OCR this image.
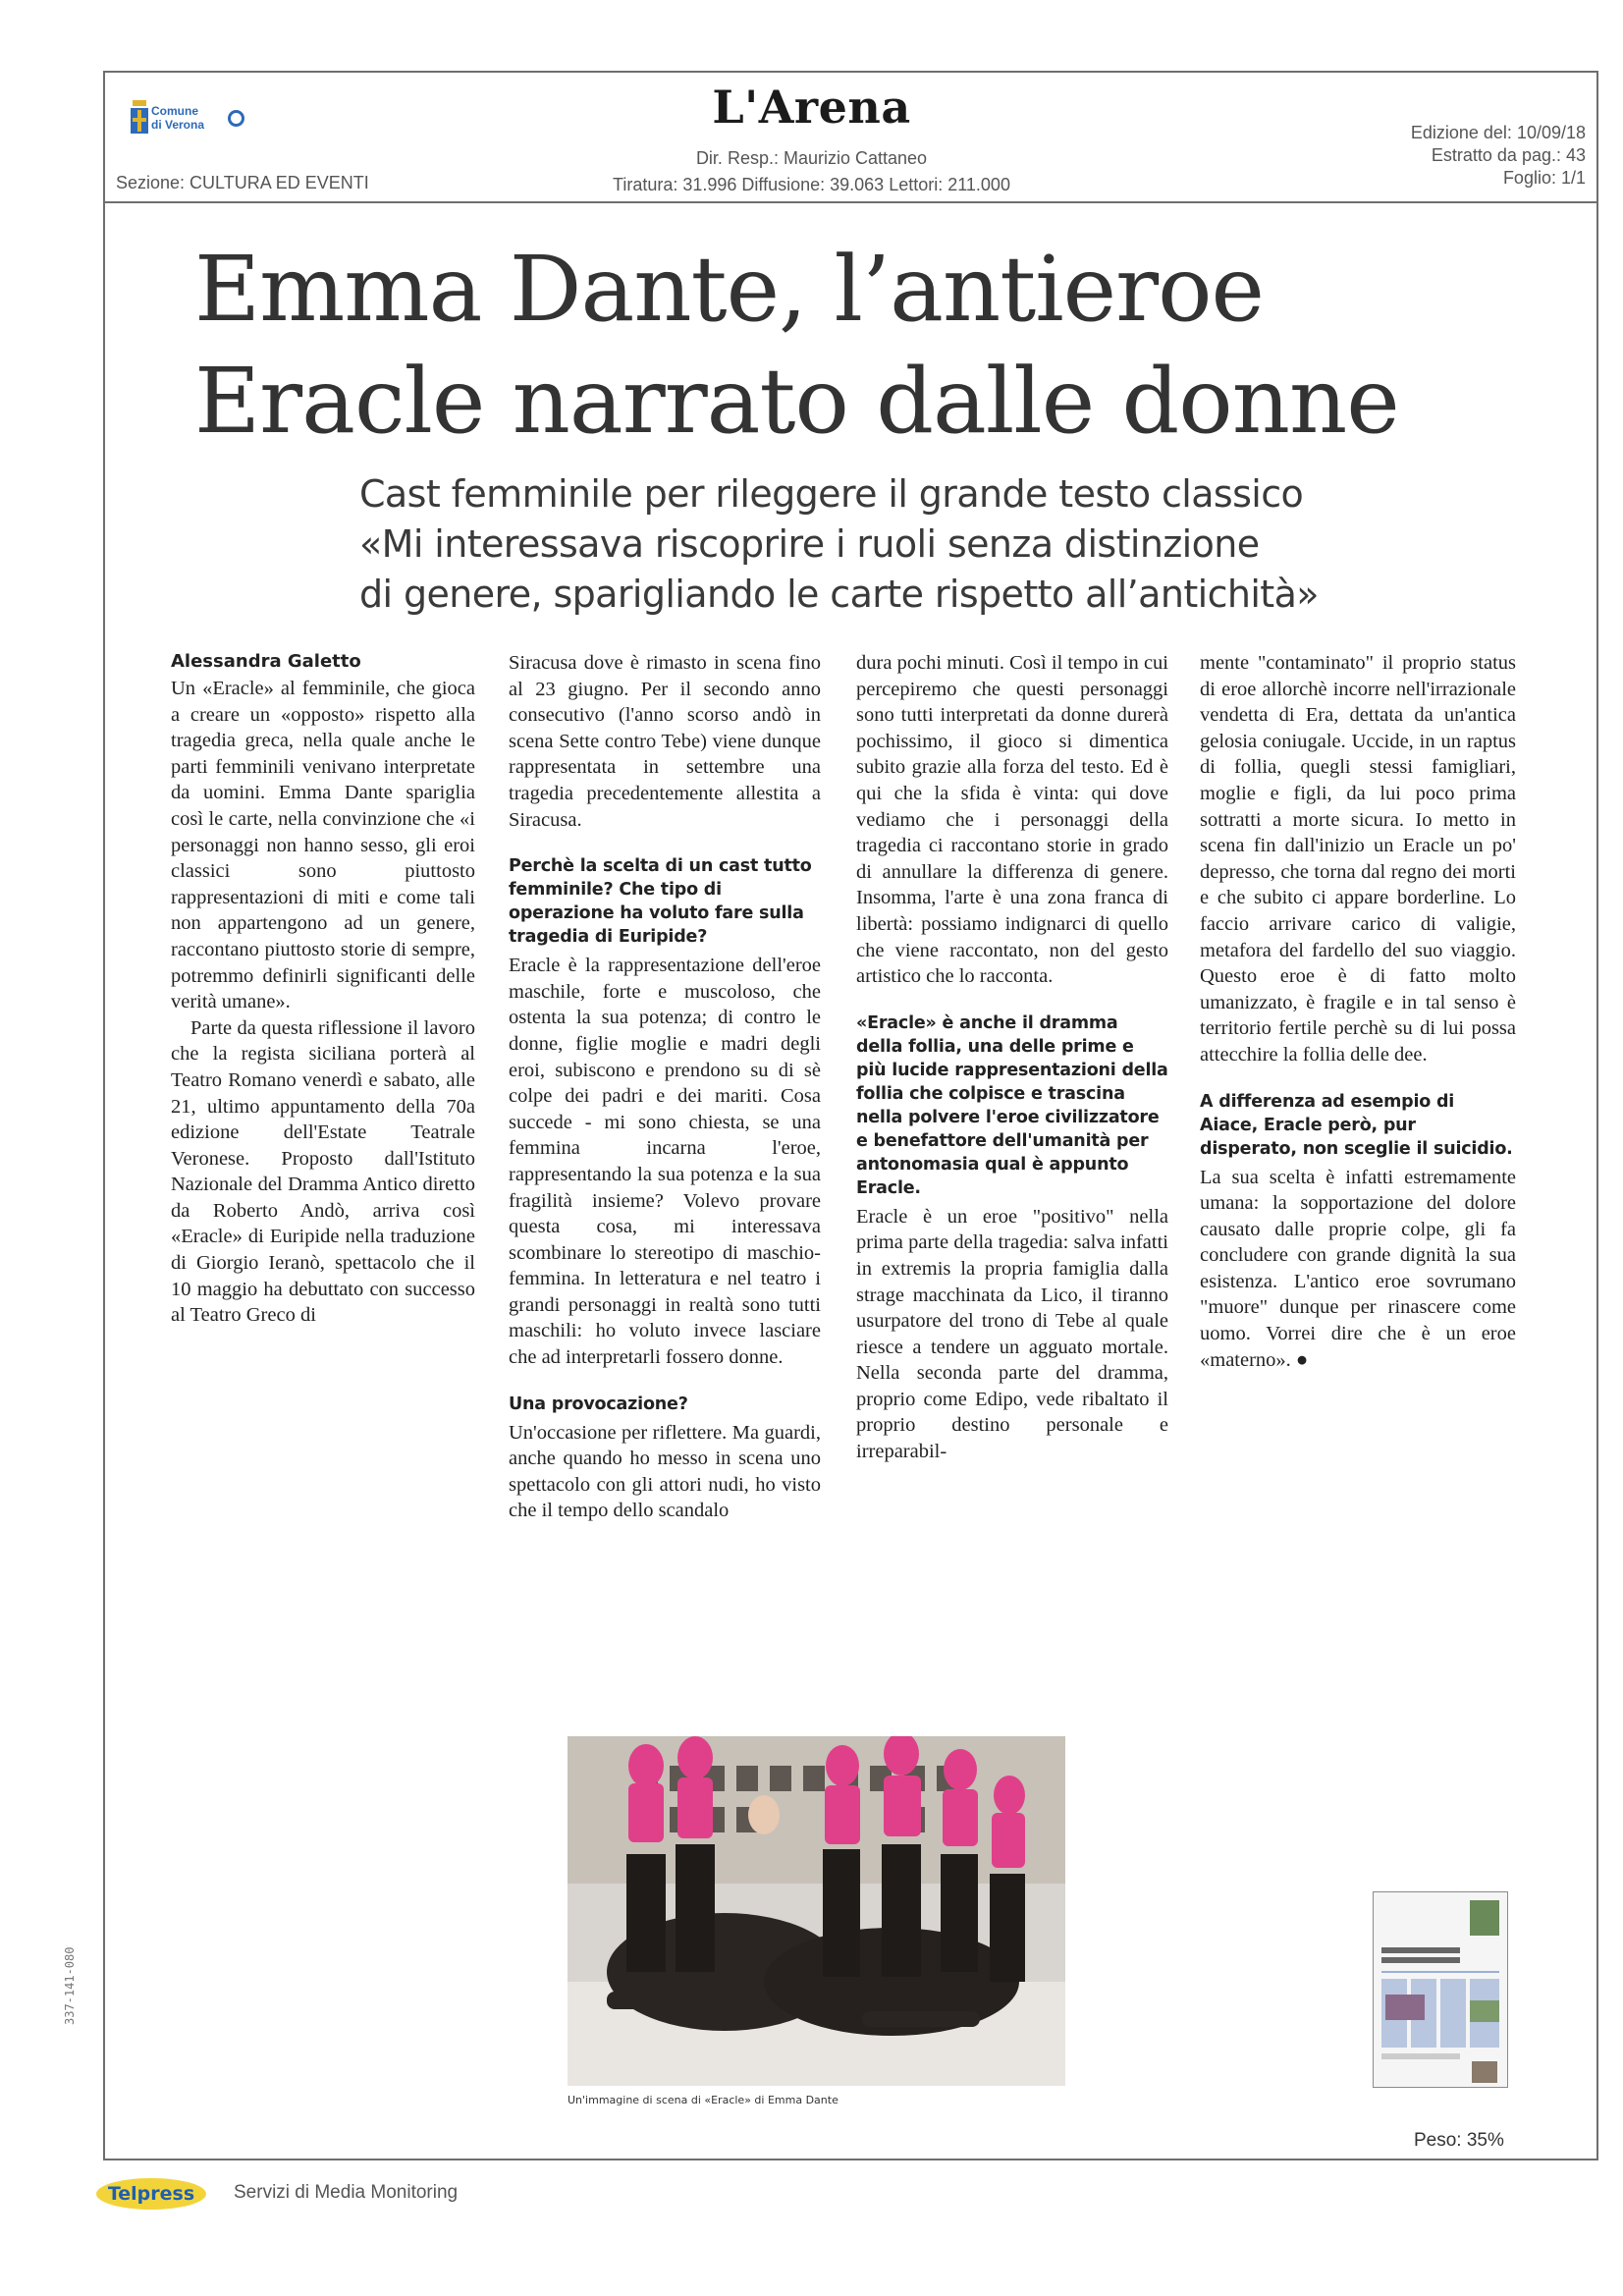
Comune
di Verona	L'Arena
Dir. Resp.: Maurizio Cattaneo
Tiratura: 31.996 Diffusione: 39.063 Lettori: 211.000
Sezione: CULTURA ED EVENTI
Edizione del: 10/09/18
Estratto da pag.: 43
Foglio: 1/1
Emma Dante, l’antieroe
Eracle narrato dalle donne
Cast femminile per rileggere il grande testo classico
«Mi interessava riscoprire i ruoli senza distinzione
di genere, sparigliando le carte rispetto all’antichità»
Alessandra Galetto

Un «Eracle» al femminile, che gioca a creare un «opposto» rispetto alla tragedia greca, nella quale anche le parti femminili venivano interpretate da uomini. Emma Dante sparigliа così le carte, nella convinzione che «i personaggi non hanno sesso, gli eroi classici sono piuttosto rappresentazioni di miti e come tali non appartengono ad un genere, raccontano piuttosto storie di sempre, potremmo definirli significanti delle verità umane».

Parte da questa riflessione il lavoro che la regista siciliana porterà al Teatro Romano venerdì e sabato, alle 21, ultimo appuntamento della 70a edizione dell'Estate Teatrale Veronese. Proposto dall'Istituto Nazionale del Dramma Antico diretto da Roberto Andò, arriva così «Eracle» di Euripide nella traduzione di Giorgio Ieranò, spettacolo che il 10 maggio ha debuttato con successo al Teatro Greco di

Siracusa dove è rimasto in scena fino al 23 giugno. Per il secondo anno consecutivo (l'anno scorso andò in scena Sette contro Tebe) viene dunque rappresentata in settembre una tragedia precedentemente allestita a Siracusa.

Perchè la scelta di un cast tutto femminile? Che tipo di operazione ha voluto fare sulla tragedia di Euripide?

Eracle è la rappresentazione dell'eroe maschile, forte e muscoloso, che ostenta la sua potenza; di contro le donne, figlie moglie e madri degli eroi, subiscono e prendono su di sè colpe dei padri e dei mariti. Cosa succede - mi sono chiesta, se una femmina incarna l'eroe, rappresentando la sua potenza e la sua fragilità insieme? Volevo provare questa cosa, mi interessava scombinare lo stereotipo di maschio-femmina. In letteratura e nel teatro i grandi personaggi in realtà sono tutti maschili: ho voluto invece lasciare che ad interpretarli fossero donne.

Una provocazione?

Un'occasione per riflettere. Ma guardi, anche quando ho messo in scena uno spettacolo con gli attori nudi, ho visto che il tempo dello scandalo

dura pochi minuti. Così il tempo in cui percepiremo che questi personaggi sono tutti interpretati da donne durerà pochissimo, il gioco si dimentica subito grazie alla forza del testo. Ed è qui che la sfida è vinta: qui dove vediamo che i personaggi della tragedia ci raccontano storie in grado di annullare la differenza di genere. Insomma, l'arte è una zona franca di libertà: possiamo indignarci di quello che viene raccontato, non del gesto artistico che lo racconta.

«Eracle» è anche il dramma della follia, una delle prime e più lucide rappresentazioni della follia che colpisce e trascina nella polvere l'eroe civilizzatore e benefattore dell'umanità per antonomasia qual è appunto Eracle.

Eracle è un eroe "positivo" nella prima parte della tragedia: salva infatti in extremis la propria famiglia dalla strage macchinata da Lico, il tiranno usurpatore del trono di Tebe al quale riesce a tendere un agguato mortale. Nella seconda parte del dramma, proprio come Edipo, vede ribaltato il proprio destino personale e irreparabil-

mente "contaminato" il proprio status di eroe allorchè incorre nell'irrazionale vendetta di Era, dettata da un'antica gelosia coniugale. Uccide, in un raptus di follia, quegli stessi famigliari, moglie e figli, da lui poco prima sottratti a morte sicura. Io metto in scena fin dall'inizio un Eracle un po' depresso, che torna dal regno dei morti e che subito ci appare borderline. Lo faccio arrivare carico di valigie, metafora del fardello del suo viaggio. Questo eroe è di fatto molto umanizzato, è fragile e in tal senso è territorio fertile perchè su di lui possa attecchire la follia delle dee.

A differenza ad esempio di Aiace, Eracle però, pur disperato, non sceglie il suicidio.

La sua scelta è infatti estremamente umana: la sopportazione del dolore causato dalle proprie colpe, gli fa concludere con grande dignità la sua esistenza. L'antico eroe sovrumano "muore" dunque per rinascere come uomo. Vorrei dire che è un eroe «materno». ●

Un'immagine di scena di «Eracle» di Emma Dante
Peso: 35%
Telpress Servizi di Media Monitoring
337-141-080
